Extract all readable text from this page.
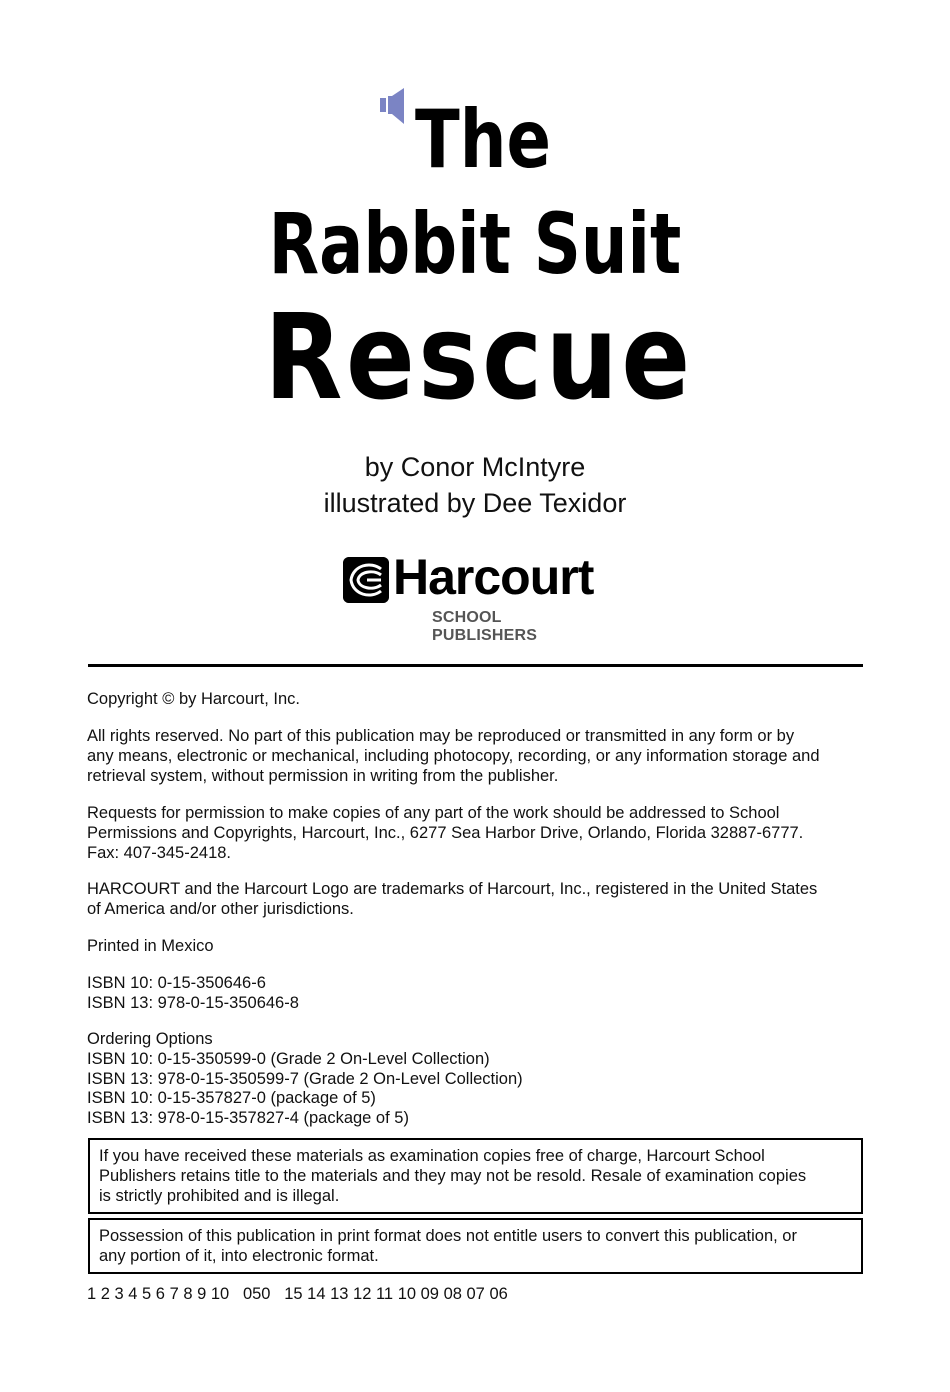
The
Rabbit Suit
Rescue
by Conor McIntyre
illustrated by Dee Texidor
Harcourt
SCHOOL PUBLISHERS
Copyright © by Harcourt, Inc.
All rights reserved. No part of this publication may be reproduced or transmitted in any form or by
any means, electronic or mechanical, including photocopy, recording, or any information storage and
retrieval system, without permission in writing from the publisher.
Requests for permission to make copies of any part of the work should be addressed to School
Permissions and Copyrights, Harcourt, Inc., 6277 Sea Harbor Drive, Orlando, Florida 32887-6777.
Fax: 407-345-2418.
HARCOURT and the Harcourt Logo are trademarks of Harcourt, Inc., registered in the United States
of America and/or other jurisdictions.
Printed in Mexico
ISBN 10: 0-15-350646-6
ISBN 13: 978-0-15-350646-8
Ordering Options
ISBN 10: 0-15-350599-0 (Grade 2 On-Level Collection)
ISBN 13: 978-0-15-350599-7 (Grade 2 On-Level Collection)
ISBN 10: 0-15-357827-0 (package of 5)
ISBN 13: 978-0-15-357827-4 (package of 5)
If you have received these materials as examination copies free of charge, Harcourt School
Publishers retains title to the materials and they may not be resold. Resale of examination copies
is strictly prohibited and is illegal.
Possession of this publication in print format does not entitle users to convert this publication, or
any portion of it, into electronic format.
1 2 3 4 5 6 7 8 9 10   050   15 14 13 12 11 10 09 08 07 06
